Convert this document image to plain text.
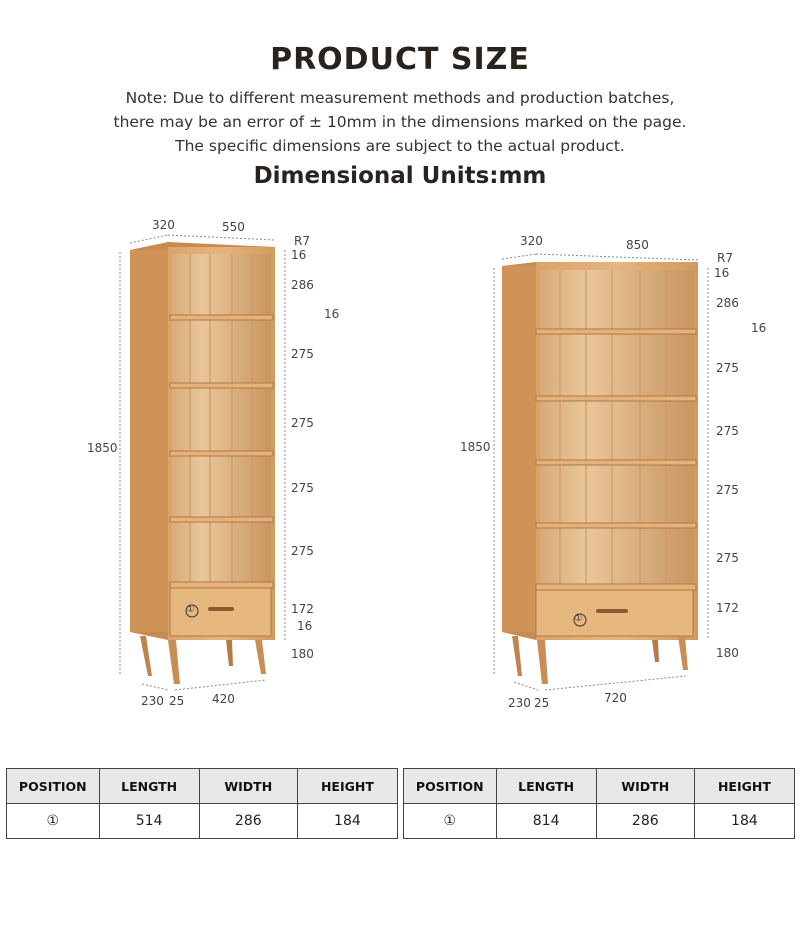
PRODUCT SIZE
Note: Due to different measurement methods and production batches,
there may be an error of ± 10mm in the dimensions marked on the page.
The specific dimensions are subject to the actual product.
Dimensional Units:mm
320	550
R7
16
286
16
275
275
275
275
172
16
180
1850
230 25 420
①
320	850
R7
16
286
16
275
275
275
275
172
180
1850
230 25	720
①
POSITION	LENGTH	WIDTH	HEIGHT
①	514	286	184
POSITION	LENGTH	WIDTH	HEIGHT
①	814	286	184
